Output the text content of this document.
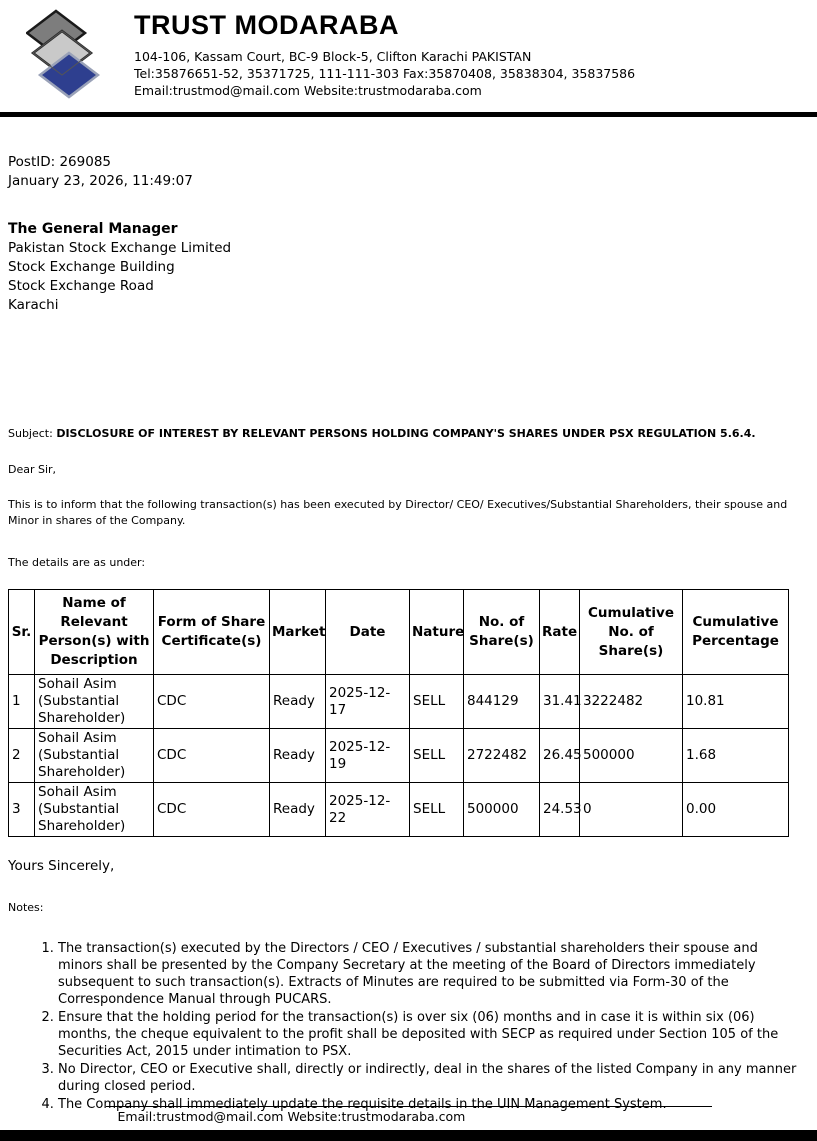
TRUST MODARABA
104-106, Kassam Court, BC-9 Block-5, Clifton Karachi PAKISTAN
Tel:35876651-52, 35371725, 111-111-303 Fax:35870408, 35838304, 35837586
Email:trustmod@mail.com Website:trustmodaraba.com
PostID: 269085
January 23, 2026, 11:49:07
The General Manager
Pakistan Stock Exchange Limited
Stock Exchange Building
Stock Exchange Road
Karachi
Subject: DISCLOSURE OF INTEREST BY RELEVANT PERSONS HOLDING COMPANY'S SHARES UNDER PSX REGULATION 5.6.4.
Dear Sir,
This is to inform that the following transaction(s) has been executed by Director/ CEO/ Executives/Substantial Shareholders, their spouse and Minor in shares of the Company.
The details are as under:
Sr.	Name of Relevant Person(s) with Description	Form of Share Certificate(s)	Market	Date	Nature	No. of Share(s)	Rate	Cumulative No. of Share(s)	Cumulative Percentage
1	Sohail Asim (Substantial Shareholder)	CDC	Ready	2025-12-17	SELL	844129	31.41	3222482	10.81
2	Sohail Asim (Substantial Shareholder)	CDC	Ready	2025-12-19	SELL	2722482	26.45	500000	1.68
3	Sohail Asim (Substantial Shareholder)	CDC	Ready	2025-12-22	SELL	500000	24.53	0	0.00
Yours Sincerely,
Notes:
1. The transaction(s) executed by the Directors / CEO / Executives / substantial shareholders their spouse and minors shall be presented by the Company Secretary at the meeting of the Board of Directors immediately subsequent to such transaction(s). Extracts of Minutes are required to be submitted via Form-30 of the Correspondence Manual through PUCARS.
2. Ensure that the holding period for the transaction(s) is over six (06) months and in case it is within six (06) months, the cheque equivalent to the profit shall be deposited with SECP as required under Section 105 of the Securities Act, 2015 under intimation to PSX.
3. No Director, CEO or Executive shall, directly or indirectly, deal in the shares of the listed Company in any manner during closed period.
4. The Company shall immediately update the requisite details in the UIN Management System.
Email:trustmod@mail.com Website:trustmodaraba.com
